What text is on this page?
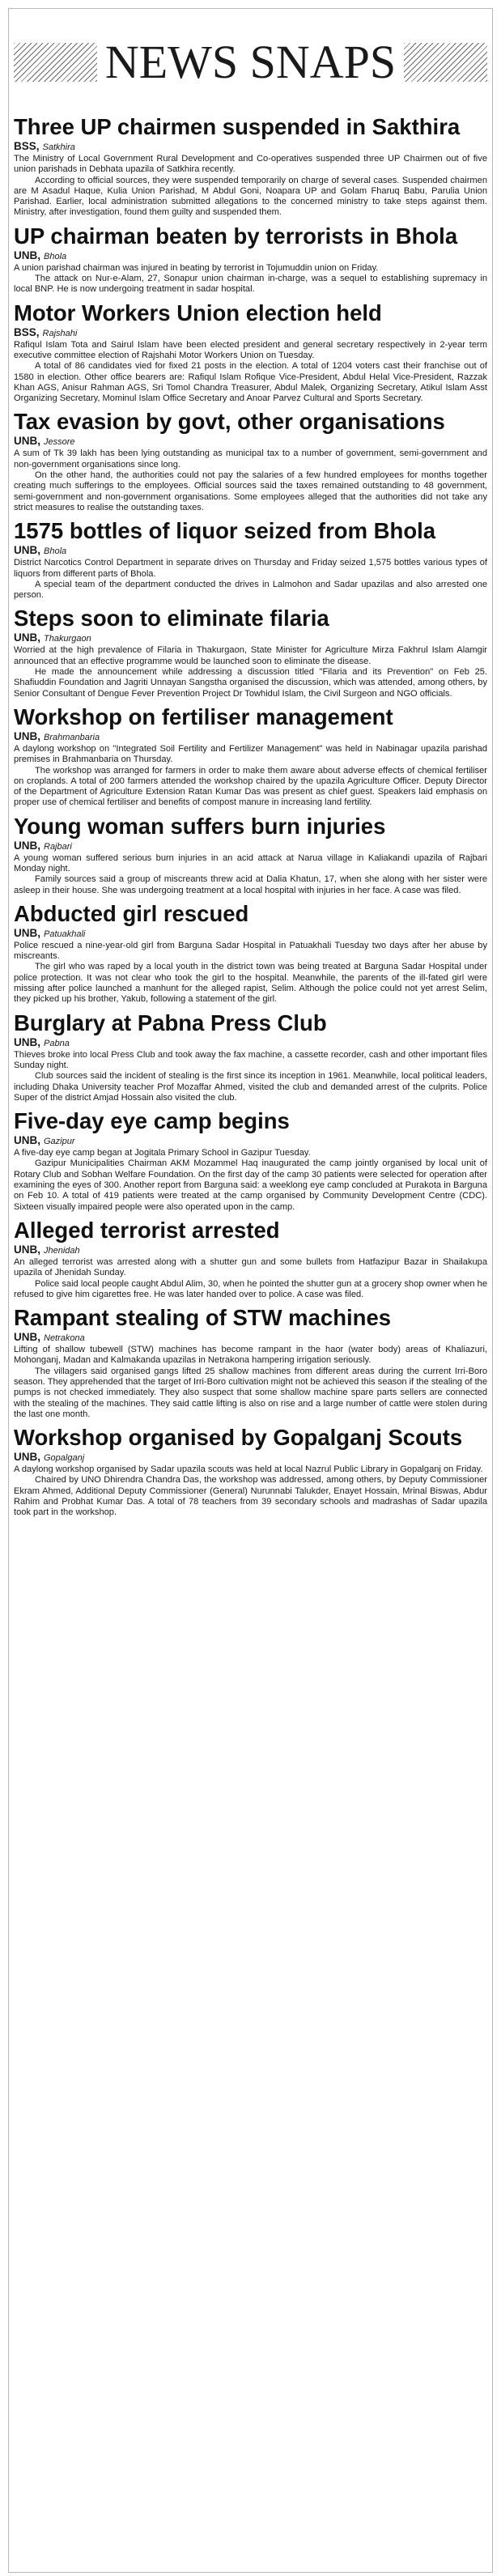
NEWS SNAPS
Three UP chairmen suspended in Sakthira
BSS, Satkhira

The Ministry of Local Government Rural Development and Co-operatives suspended three UP Chairmen out of five union parishads in Debhata upazila of Satkhira recently.

According to official sources, they were suspended temporarily on charge of several cases. Suspended chairmen are M Asadul Haque, Kulia Union Parishad, M Abdul Goni, Noapara UP and Golam Fharuq Babu, Parulia Union Parishad. Earlier, local administration submitted allegations to the concerned ministry to take steps against them. Ministry, after investigation, found them guilty and suspended them.

UP chairman beaten by terrorists in Bhola
UNB, Bhola

A union parishad chairman was injured in beating by terrorist in Tojumuddin union on Friday.

The attack on Nur-e-Alam, 27, Sonapur union chairman in-charge, was a sequel to establishing supremacy in local BNP. He is now undergoing treatment in sadar hospital.

Motor Workers Union election held
BSS, Rajshahi

Rafiqul Islam Tota and Sairul Islam have been elected president and general secretary respectively in 2-year term executive committee election of Rajshahi Motor Workers Union on Tuesday.

A total of 86 candidates vied for fixed 21 posts in the election. A total of 1204 voters cast their franchise out of 1580 in election. Other office bearers are: Rafiqul Islam Rofique Vice-President, Abdul Helal Vice-President, Razzak Khan AGS, Anisur Rahman AGS, Sri Tomol Chandra Treasurer, Abdul Malek, Organizing Secretary, Atikul Islam Asst Organizing Secretary, Mominul Islam Office Secretary and Anoar Parvez Cultural and Sports Secretary.

Tax evasion by govt, other organisations
UNB, Jessore

A sum of Tk 39 lakh has been lying outstanding as municipal tax to a number of government, semi-government and non-government organisations since long.

On the other hand, the authorities could not pay the salaries of a few hundred employees for months together creating much sufferings to the employees. Official sources said the taxes remained outstanding to 48 government, semi-government and non-government organisations. Some employees alleged that the authorities did not take any strict measures to realise the outstanding taxes.

1575 bottles of liquor seized from Bhola
UNB, Bhola

District Narcotics Control Department in separate drives on Thursday and Friday seized 1,575 bottles various types of liquors from different parts of Bhola.

A special team of the department conducted the drives in Lalmohon and Sadar upazilas and also arrested one person.

Steps soon to eliminate filaria
UNB, Thakurgaon

Worried at the high prevalence of Filaria in Thakurgaon, State Minister for Agriculture Mirza Fakhrul Islam Alamgir announced that an effective programme would be launched soon to eliminate the disease.

He made the announcement while addressing a discussion titled "Filaria and its Prevention" on Feb 25. Shafiuddin Foundation and Jagriti Unnayan Sangstha organised the discussion, which was attended, among others, by Senior Consultant of Dengue Fever Prevention Project Dr Towhidul Islam, the Civil Surgeon and NGO officials.

Workshop on fertiliser management
UNB, Brahmanbaria

A daylong workshop on "Integrated Soil Fertility and Fertilizer Management" was held in Nabinagar upazila parishad premises in Brahmanbaria on Thursday.

The workshop was arranged for farmers in order to make them aware about adverse effects of chemical fertiliser on croplands. A total of 200 farmers attended the workshop chaired by the upazila Agriculture Officer. Deputy Director of the Department of Agriculture Extension Ratan Kumar Das was present as chief guest. Speakers laid emphasis on proper use of chemical fertiliser and benefits of compost manure in increasing land fertility.

Young woman suffers burn injuries
UNB, Rajbari

A young woman suffered serious burn injuries in an acid attack at Narua village in Kaliakandi upazila of Rajbari Monday night.

Family sources said a group of miscreants threw acid at Dalia Khatun, 17, when she along with her sister were asleep in their house. She was undergoing treatment at a local hospital with injuries in her face. A case was filed.

Abducted girl rescued
UNB, Patuakhali

Police rescued a nine-year-old girl from Barguna Sadar Hospital in Patuakhali Tuesday two days after her abuse by miscreants.

The girl who was raped by a local youth in the district town was being treated at Barguna Sadar Hospital under police protection. It was not clear who took the girl to the hospital. Meanwhile, the parents of the ill-fated girl were missing after police launched a manhunt for the alleged rapist, Selim. Although the police could not yet arrest Selim, they picked up his brother, Yakub, following a statement of the girl.

Burglary at Pabna Press Club
UNB, Pabna

Thieves broke into local Press Club and took away the fax machine, a cassette recorder, cash and other important files Sunday night.

Club sources said the incident of stealing is the first since its inception in 1961. Meanwhile, local political leaders, including Dhaka University teacher Prof Mozaffar Ahmed, visited the club and demanded arrest of the culprits. Police Super of the district Amjad Hossain also visited the club.

Five-day eye camp begins
UNB, Gazipur

A five-day eye camp began at Jogitala Primary School in Gazipur Tuesday.

Gazipur Municipalities Chairman AKM Mozammel Haq inaugurated the camp jointly organised by local unit of Rotary Club and Sobhan Welfare Foundation. On the first day of the camp 30 patients were selected for operation after examining the eyes of 300. Another report from Barguna said: a weeklong eye camp concluded at Purakota in Barguna on Feb 10. A total of 419 patients were treated at the camp organised by Community Development Centre (CDC). Sixteen visually impaired people were also operated upon in the camp.

Alleged terrorist arrested
UNB, Jhenidah

An alleged terrorist was arrested along with a shutter gun and some bullets from Hatfazipur Bazar in Shailakupa upazila of Jhenidah Sunday.

Police said local people caught Abdul Alim, 30, when he pointed the shutter gun at a grocery shop owner when he refused to give him cigarettes free. He was later handed over to police. A case was filed.

Rampant stealing of STW machines
UNB, Netrakona

Lifting of shallow tubewell (STW) machines has become rampant in the haor (water body) areas of Khaliazuri, Mohonganj, Madan and Kalmakanda upazilas in Netrakona hampering irrigation seriously.

The villagers said organised gangs lifted 25 shallow machines from different areas during the current Irri-Boro season. They apprehended that the target of Irri-Boro cultivation might not be achieved this season if the stealing of the pumps is not checked immediately. They also suspect that some shallow machine spare parts sellers are connected with the stealing of the machines. They said cattle lifting is also on rise and a large number of cattle were stolen during the last one month.

Workshop organised by Gopalganj Scouts
UNB, Gopalganj

A daylong workshop organised by Sadar upazila scouts was held at local Nazrul Public Library in Gopalganj on Friday.

Chaired by UNO Dhirendra Chandra Das, the workshop was addressed, among others, by Deputy Commissioner Ekram Ahmed, Additional Deputy Commissioner (General) Nurunnabi Talukder, Enayet Hossain, Mrinal Biswas, Abdur Rahim and Probhat Kumar Das. A total of 78 teachers from 39 secondary schools and madrashas of Sadar upazila took part in the workshop.
